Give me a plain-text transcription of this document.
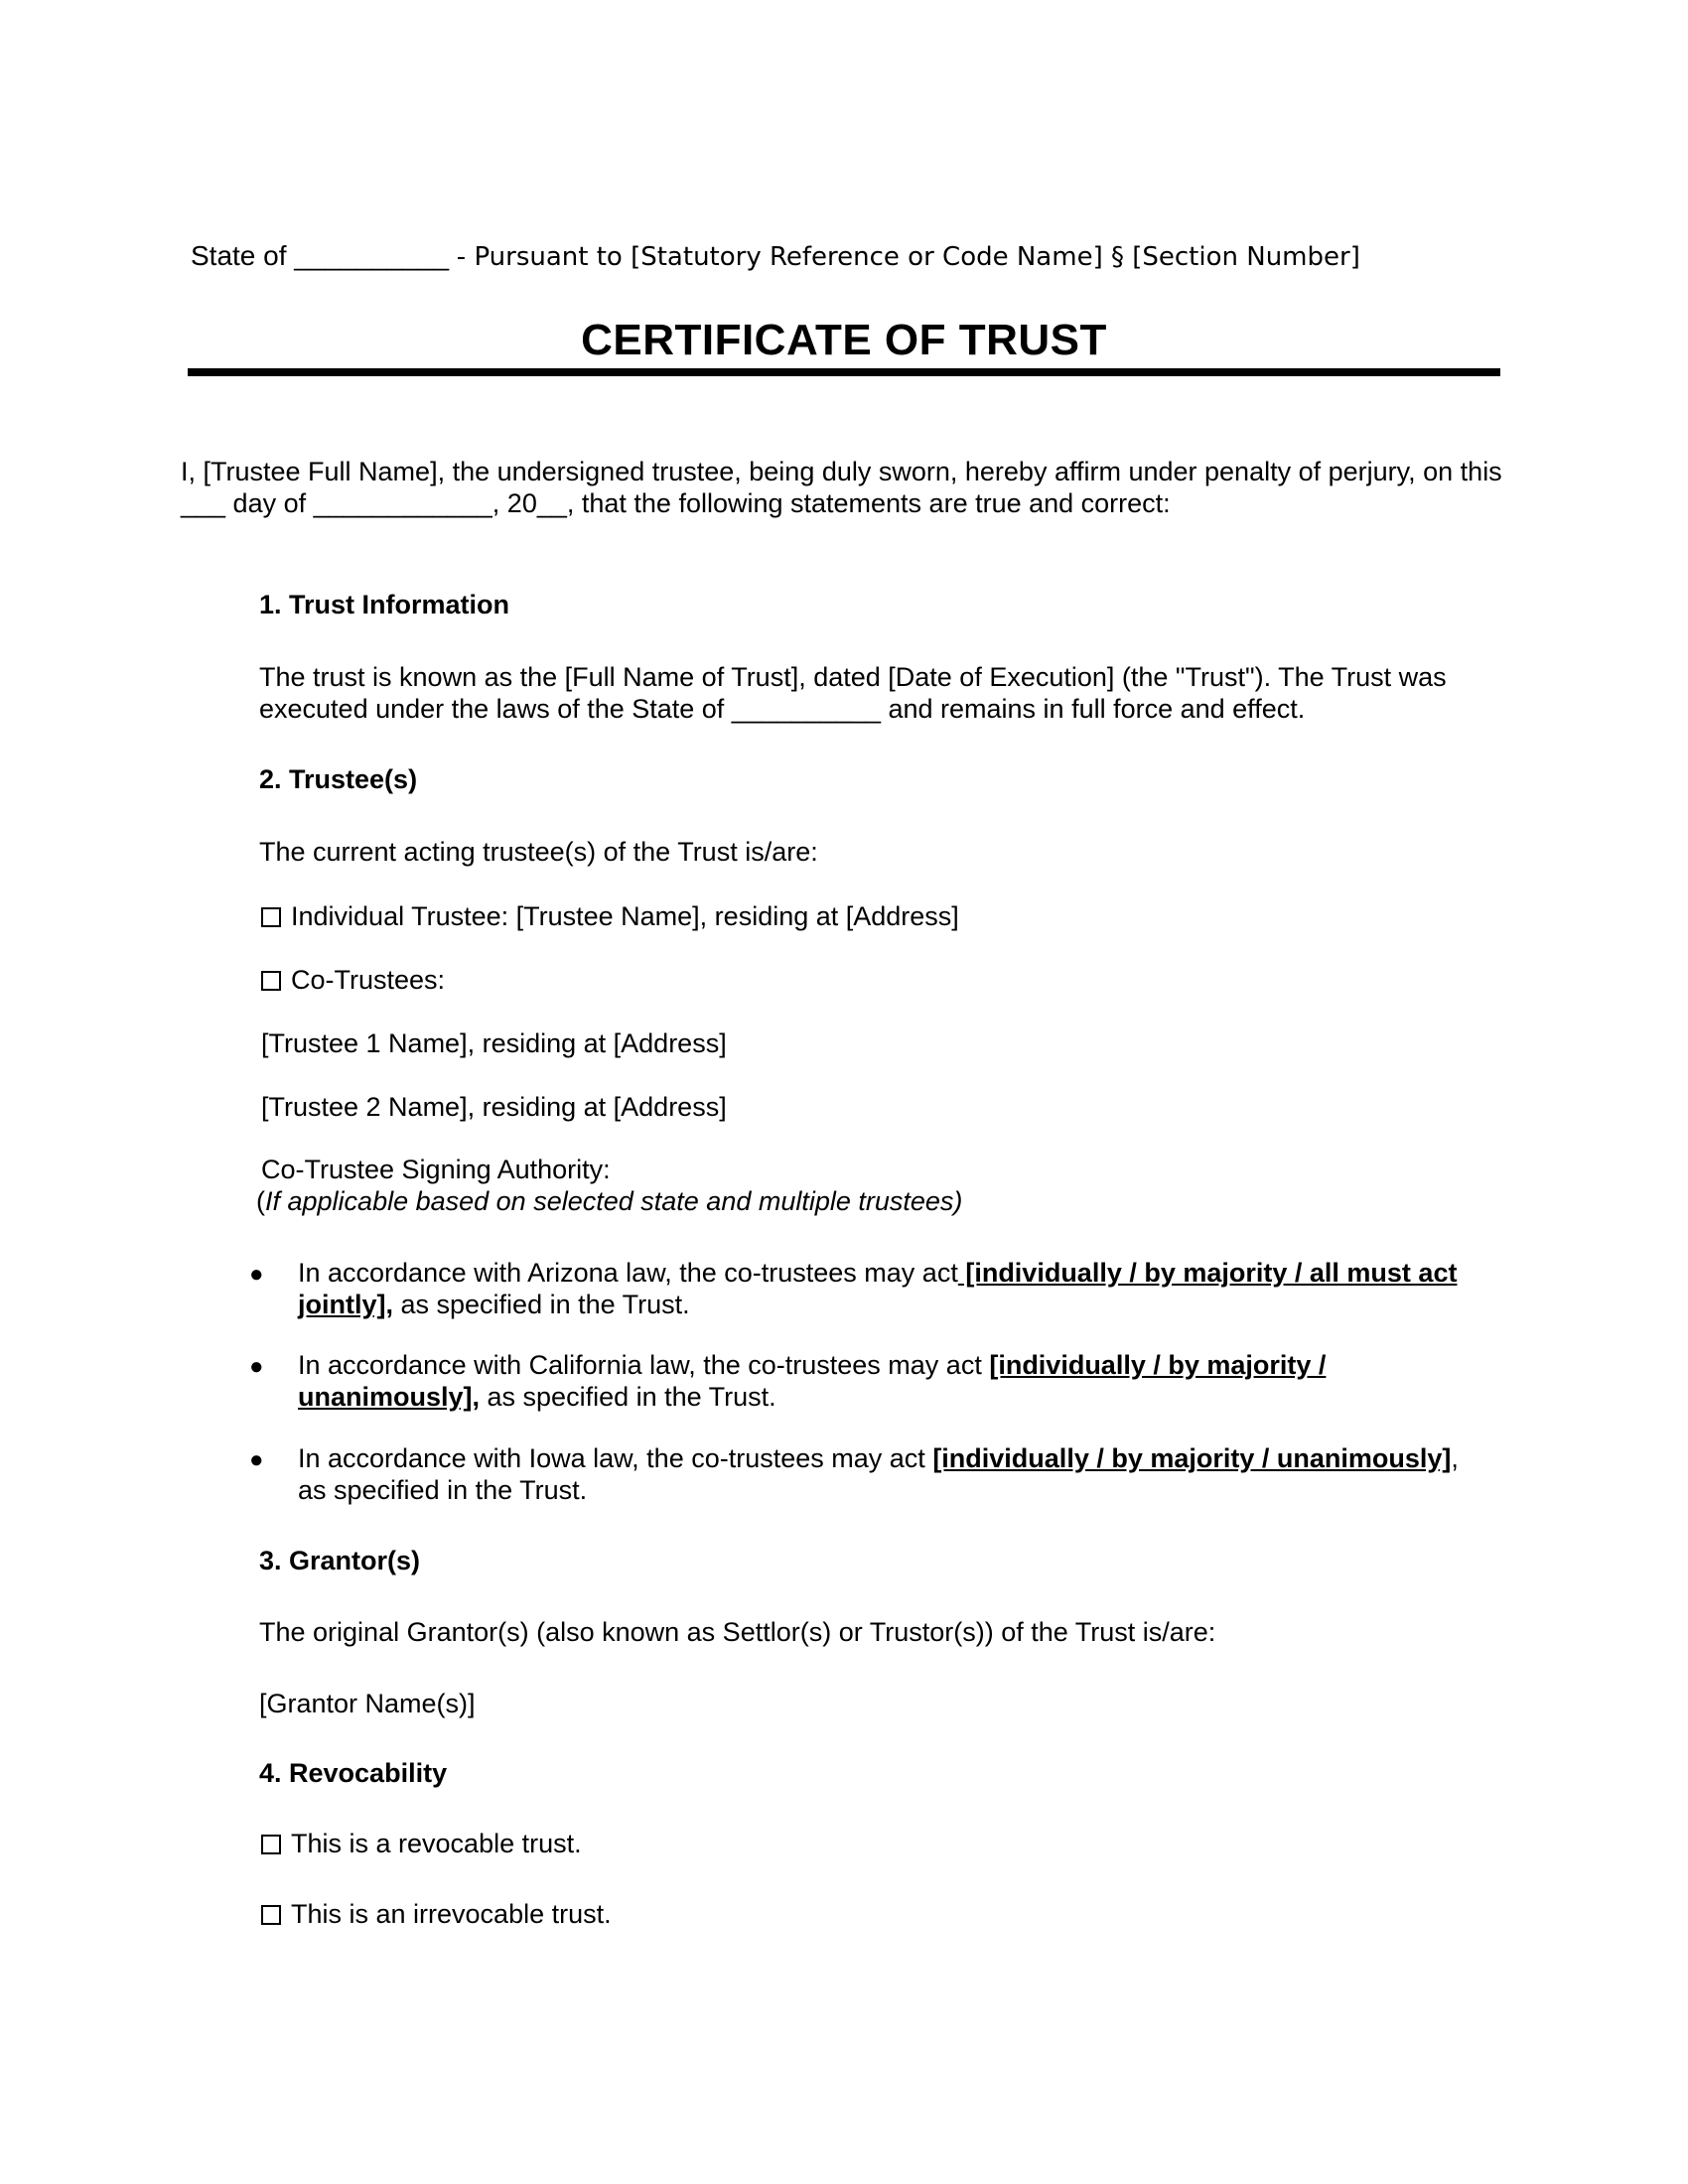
State of __________ - Pursuant to [Statutory Reference or Code Name] § [Section Number]

CERTIFICATE OF TRUST

I, [Trustee Full Name], the undersigned trustee, being duly sworn, hereby affirm under penalty of perjury, on this ___ day of ____________, 20__, that the following statements are true and correct:

1. Trust Information

The trust is known as the [Full Name of Trust], dated [Date of Execution] (the "Trust"). The Trust was executed under the laws of the State of __________ and remains in full force and effect.

2. Trustee(s)

The current acting trustee(s) of the Trust is/are:

Individual Trustee: [Trustee Name], residing at [Address]

Co-Trustees:

[Trustee 1 Name], residing at [Address]

[Trustee 2 Name], residing at [Address]

Co-Trustee Signing Authority:

(If applicable based on selected state and multiple trustees)

● In accordance with Arizona law, the co-trustees may act [individually / by majority / all must act jointly], as specified in the Trust.

● In accordance with California law, the co-trustees may act [individually / by majority / unanimously], as specified in the Trust.

● In accordance with Iowa law, the co-trustees may act [individually / by majority / unanimously], as specified in the Trust.

3. Grantor(s)

The original Grantor(s) (also known as Settlor(s) or Trustor(s)) of the Trust is/are:

[Grantor Name(s)]

4. Revocability

This is a revocable trust.

This is an irrevocable trust.
